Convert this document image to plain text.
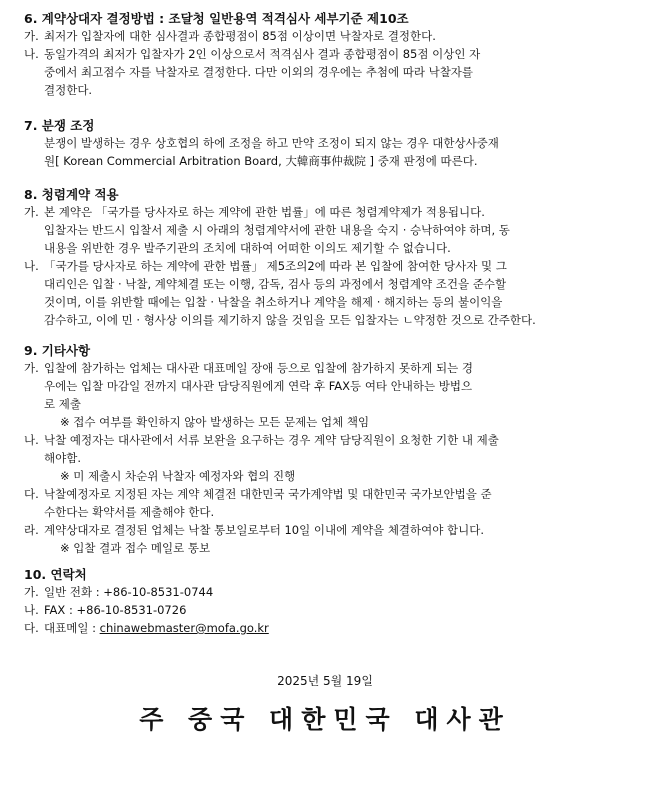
6. 계약상대자 결정방법 : 조달청 일반용역 적격심사 세부기준 제10조

가. 최저가 입찰자에 대한 심사결과 종합평점이 85점 이상이면 낙찰자로 결정한다.
나. 동일가격의 최저가 입찰자가 2인 이상으로서 적격심사 결과 종합평점이 85점 이상인 자
중에서 최고점수 자를 낙찰자로 결정한다. 다만 이외의 경우에는 추첨에 따라 낙찰자를
결정한다.

7. 분쟁 조정

분쟁이 발생하는 경우 상호협의 하에 조정을 하고 만약 조정이 되지 않는 경우 대한상사중재
원[ Korean Commercial Arbitration Board, 大韓商事仲裁院 ] 중재 판정에 따른다.

8. 청렴계약 적용

가. 본 계약은 「국가를 당사자로 하는 계약에 관한 법률」에 따른 청렴계약제가 적용됩니다.
입찰자는 반드시 입찰서 제출 시 아래의 청렴계약서에 관한 내용을 숙지 · 승낙하여야 하며, 동
내용을 위반한 경우 발주기관의 조치에 대하여 어떠한 이의도 제기할 수 없습니다.
나. 「국가를 당사자로 하는 계약에 관한 법률」 제5조의2에 따라 본 입찰에 참여한 당사자 및 그
대리인은 입찰 · 낙찰, 계약체결 또는 이행, 감독, 검사 등의 과정에서 청렴계약 조건을 준수할
것이며, 이를 위반할 때에는 입찰 · 낙찰을 취소하거나 계약을 해제 · 해지하는 등의 불이익을
감수하고, 이에 민 · 형사상 이의를 제기하지 않을 것임을 모든 입찰자는 ㄴ약정한 것으로 간주한다.

9. 기타사항

가. 입찰에 참가하는 업체는 대사관 대표메일 장애 등으로 입찰에 참가하지 못하게 되는 경
우에는 입찰 마감일 전까지 대사관 담당직원에게 연락 후 FAX등 여타 안내하는 방법으
로 제출
※ 접수 여부를 확인하지 않아 발생하는 모든 문제는 업체 책임
나. 낙찰 예정자는 대사관에서 서류 보완을 요구하는 경우 계약 담당직원이 요청한 기한 내 제출
해야함.
※ 미 제출시 차순위 낙찰자 예정자와 협의 진행
다. 낙찰예정자로 지정된 자는 계약 체결전 대한민국 국가계약법 및 대한민국 국가보안법을 준
수한다는 확약서를 제출해야 한다.
라. 계약상대자로 결정된 업체는 낙찰 통보일로부터 10일 이내에 계약을 체결하여야 합니다.
※ 입찰 결과 접수 메일로 통보

10. 연락처

가. 일반 전화 : +86-10-8531-0744
나. FAX : +86-10-8531-0726
다. 대표메일 : chinawebmaster@mofa.go.kr
2025년 5월 19일
주 중국 대한민국 대사관
